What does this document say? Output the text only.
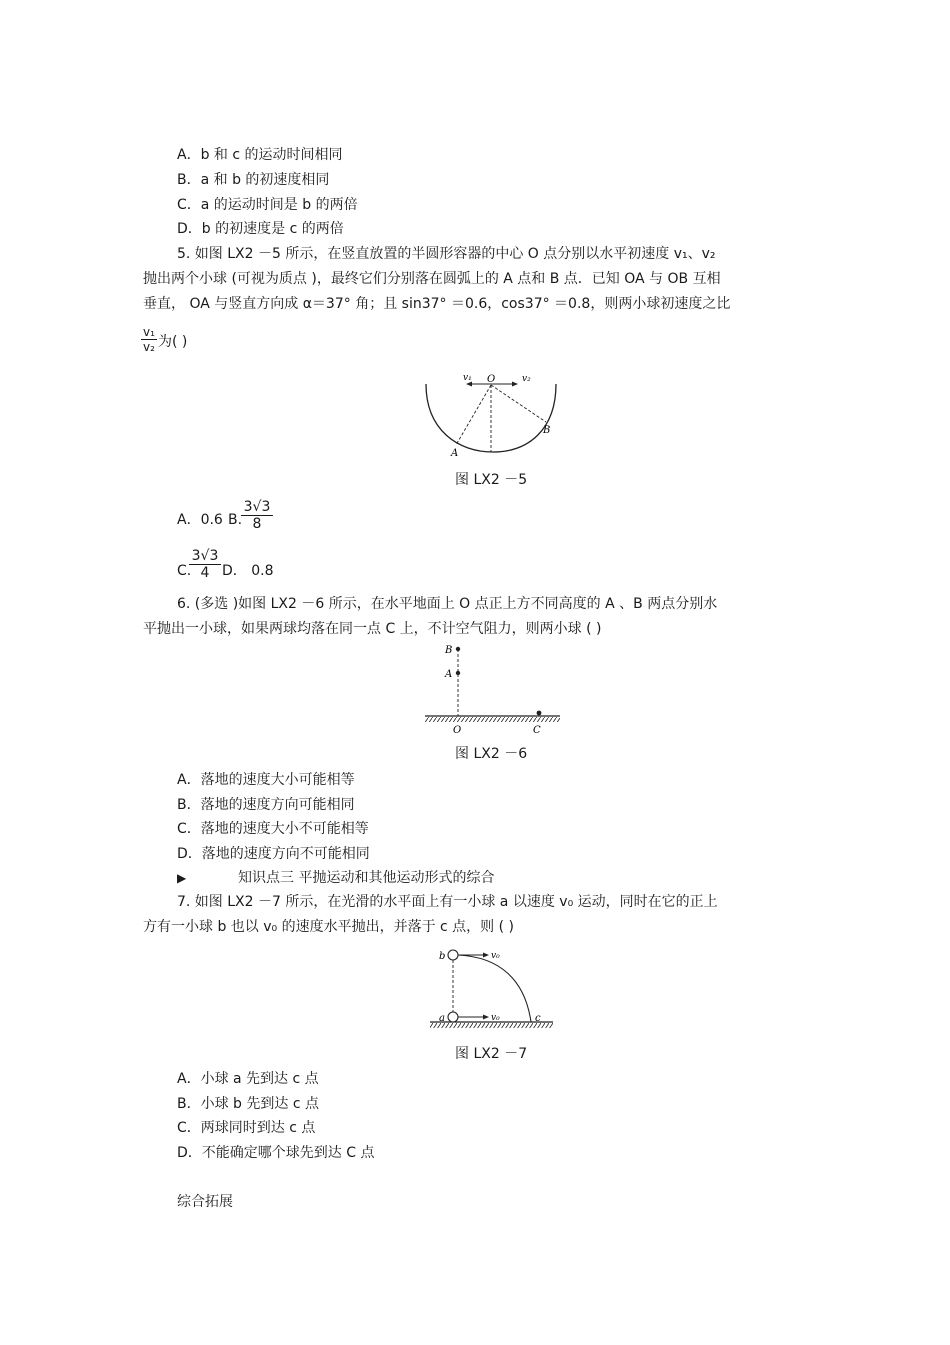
A．b 和 c 的运动时间相同
B．a 和 b 的初速度相同
C．a 的运动时间是 b 的两倍
D．b 的初速度是 c 的两倍
5. 如图 LX2 －5 所示，在竖直放置的半圆形容器的中心 O 点分别以水平初速度 v₁、v₂
抛出两个小球 (可视为质点 )，最终它们分别落在圆弧上的 A 点和 B 点．已知 OA 与 OB 互相
垂直， OA 与竖直方向成 α＝37° 角；且 sin37° ＝0.6，cos37° ＝0.8，则两小球初速度之比
$\frac{\text{v₁}}{\text{v₂}}$ 为( )
v₁ O	v₂
A
B
图 LX2 －5
A．0.6 B.
$\frac{3√3}{8}$
C.
$\frac{3√3}{4}$ D． 0.8
6. (多选 )如图 LX2 －6 所示，在水平地面上 O 点正上方不同高度的 A 、B 两点分别水
平抛出一小球，如果两球均落在同一点 C 上，不计空气阻力，则两小球 ( )
B
A
O	C
图 LX2 －6
A．落地的速度大小可能相等
B．落地的速度方向可能相同
C．落地的速度大小不可能相等
D．落地的速度方向不可能相同
▶	知识点三 平抛运动和其他运动形式的综合
7. 如图 LX2 －7 所示，在光滑的水平面上有一小球 a 以速度 v₀ 运动，同时在它的正上
方有一小球 b 也以 v₀ 的速度水平抛出，并落于 c 点，则 ( )
b	v₀
a	v₀	c
图 LX2 －7
A．小球 a 先到达 c 点
B．小球 b 先到达 c 点
C．两球同时到达 c 点
D．不能确定哪个球先到达 C 点
综合拓展
